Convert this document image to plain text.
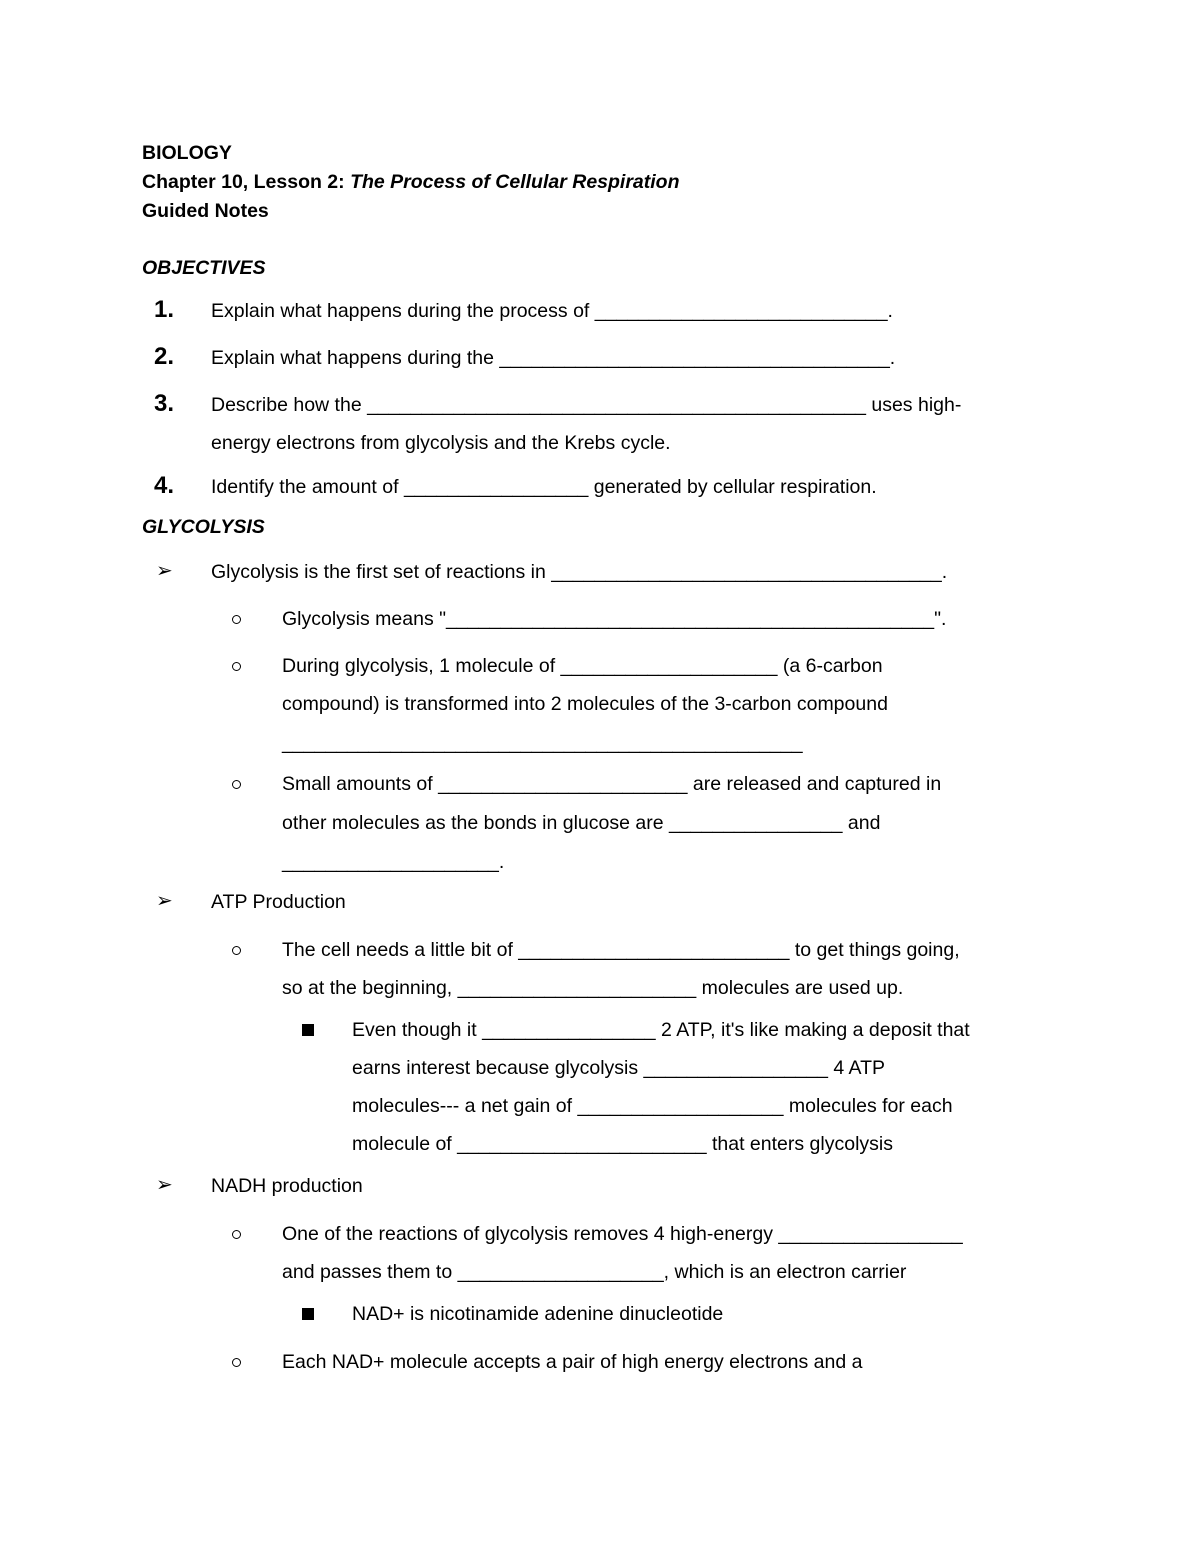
BIOLOGY
Chapter 10, Lesson 2: The Process of Cellular Respiration
Guided Notes
OBJECTIVES
1. Explain what happens during the process of ___________________________.
2. Explain what happens during the ____________________________________.
3. Describe how the ______________________________________________ uses high-
energy electrons from glycolysis and the Krebs cycle.
4. Identify the amount of _________________ generated by cellular respiration.
GLYCOLYSIS
➢ Glycolysis is the first set of reactions in ____________________________________.
Glycolysis means "_____________________________________________".
During glycolysis, 1 molecule of ____________________ (a 6-carbon
compound) is transformed into 2 molecules of the 3-carbon compound
________________________________________________
Small amounts of _______________________ are released and captured in
other molecules as the bonds in glucose are ________________ and
____________________.
➢ ATP Production
The cell needs a little bit of _________________________ to get things going,
so at the beginning, ______________________ molecules are used up.
Even though it ________________ 2 ATP, it's like making a deposit that
earns interest because glycolysis _________________ 4 ATP
molecules--- a net gain of ___________________ molecules for each
molecule of _______________________ that enters glycolysis
➢ NADH production
One of the reactions of glycolysis removes 4 high-energy _________________
and passes them to ___________________, which is an electron carrier
NAD+ is nicotinamide adenine dinucleotide
Each NAD+ molecule accepts a pair of high energy electrons and a
